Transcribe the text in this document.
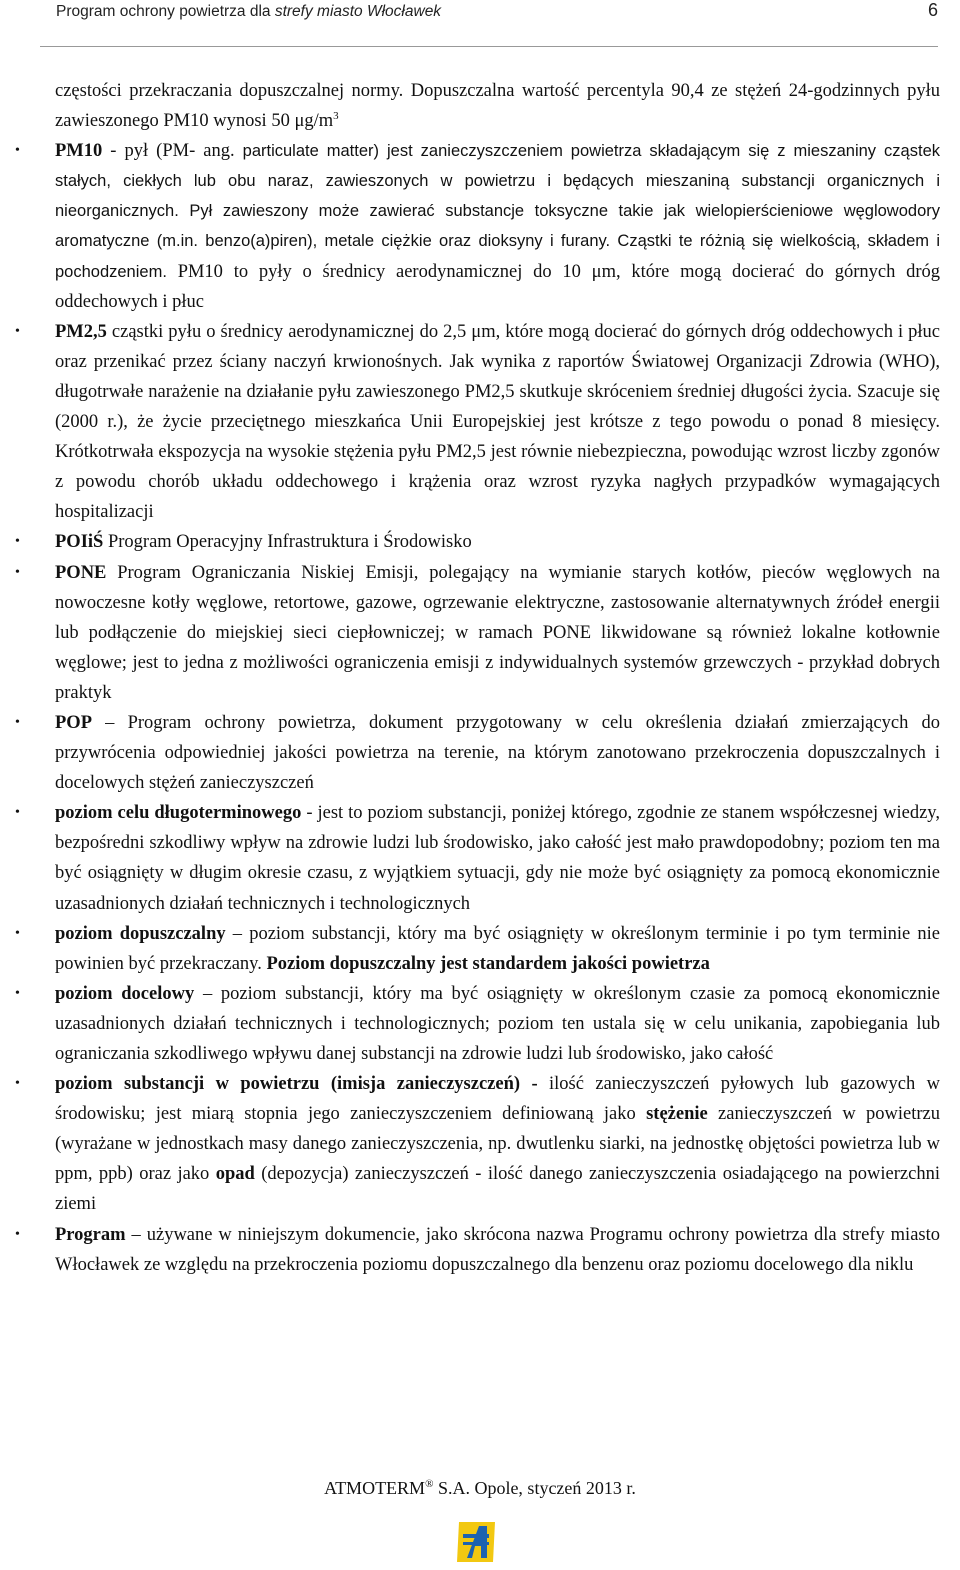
Program ochrony powietrza dla strefy miasto Włocławek	6

częstości przekraczania dopuszczalnej normy. Dopuszczalna wartość percentyla 90,4 ze stężeń 24-godzinnych pyłu zawieszonego PM10 wynosi 50 $\mu g/m^3$

• PM10 - pył (PM- ang. particulate matter) jest zanieczyszczeniem powietrza składającym się z mieszaniny cząstek stałych, ciekłych lub obu naraz, zawieszonych w powietrzu i będących mieszaniną substancji organicznych i nieorganicznych. Pył zawieszony może zawierać substancje toksyczne takie jak wielopierścieniowe węglowodory aromatyczne (m.in. benzo(a)piren), metale ciężkie oraz dioksyny i furany. Cząstki te różnią się wielkością, składem i pochodzeniem. PM10 to pyły o średnicy aerodynamicznej do 10 μm, które mogą docierać do górnych dróg oddechowych i płuc
• PM2,5 cząstki pyłu o średnicy aerodynamicznej do 2,5 μm, które mogą docierać do górnych dróg oddechowych i płuc oraz przenikać przez ściany naczyń krwionośnych. Jak wynika z raportów Światowej Organizacji Zdrowia (WHO), długotrwałe narażenie na działanie pyłu zawieszonego PM2,5 skutkuje skróceniem średniej długości życia. Szacuje się (2000 r.), że życie przeciętnego mieszkańca Unii Europejskiej jest krótsze z tego powodu o ponad 8 miesięcy. Krótkotrwała ekspozycja na wysokie stężenia pyłu PM2,5 jest równie niebezpieczna, powodując wzrost liczby zgonów z powodu chorób układu oddechowego i krążenia oraz wzrost ryzyka nagłych przypadków wymagających hospitalizacji
• POIiŚ Program Operacyjny Infrastruktura i Środowisko
• PONE Program Ograniczania Niskiej Emisji, polegający na wymianie starych kotłów, pieców węglowych na nowoczesne kotły węglowe, retortowe, gazowe, ogrzewanie elektryczne, zastosowanie alternatywnych źródeł energii lub podłączenie do miejskiej sieci ciepłowniczej; w ramach PONE likwidowane są również lokalne kotłownie węglowe; jest to jedna z możliwości ograniczenia emisji z indywidualnych systemów grzewczych - przykład dobrych praktyk
• POP – Program ochrony powietrza, dokument przygotowany w celu określenia działań zmierzających do przywrócenia odpowiedniej jakości powietrza na terenie, na którym zanotowano przekroczenia dopuszczalnych i docelowych stężeń zanieczyszczeń
• poziom celu długoterminowego - jest to poziom substancji, poniżej którego, zgodnie ze stanem współczesnej wiedzy, bezpośredni szkodliwy wpływ na zdrowie ludzi lub środowisko, jako całość jest mało prawdopodobny; poziom ten ma być osiągnięty w długim okresie czasu, z wyjątkiem sytuacji, gdy nie może być osiągnięty za pomocą ekonomicznie uzasadnionych działań technicznych i technologicznych
• poziom dopuszczalny – poziom substancji, który ma być osiągnięty w określonym terminie i po tym terminie nie powinien być przekraczany. Poziom dopuszczalny jest standardem jakości powietrza
• poziom docelowy – poziom substancji, który ma być osiągnięty w określonym czasie za pomocą ekonomicznie uzasadnionych działań technicznych i technologicznych; poziom ten ustala się w celu unikania, zapobiegania lub ograniczania szkodliwego wpływu danej substancji na zdrowie ludzi lub środowisko, jako całość
• poziom substancji w powietrzu (imisja zanieczyszczeń) - ilość zanieczyszczeń pyłowych lub gazowych w środowisku; jest miarą stopnia jego zanieczyszczeniem definiowaną jako stężenie zanieczyszczeń w powietrzu (wyrażane w jednostkach masy danego zanieczyszczenia, np. dwutlenku siarki, na jednostkę objętości powietrza lub w ppm, ppb) oraz jako opad (depozycja) zanieczyszczeń - ilość danego zanieczyszczenia osiadającego na powierzchni ziemi
• Program – używane w niniejszym dokumencie, jako skrócona nazwa Programu ochrony powietrza dla strefy miasto Włocławek ze względu na przekroczenia poziomu dopuszczalnego dla benzenu oraz poziomu docelowego dla niklu
ATMOTERM® S.A. Opole, styczeń 2013 r.
